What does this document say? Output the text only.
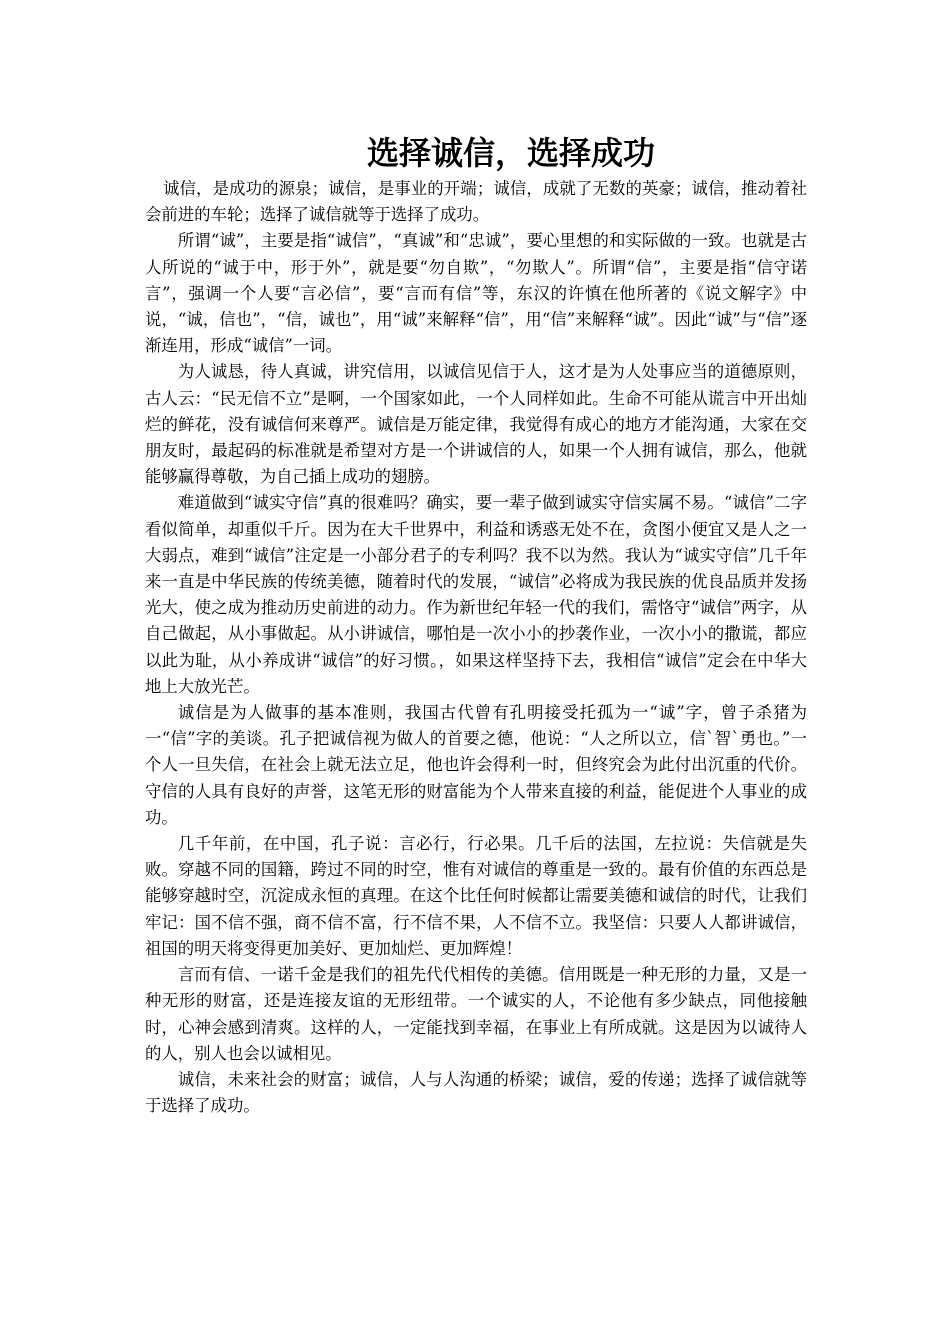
选择诚信，选择成功

诚信，是成功的源泉；诚信，是事业的开端；诚信，成就了无数的英豪；诚信，推动着社会前进的车轮；选择了诚信就等于选择了成功。

所谓“诚”，主要是指“诚信”，“真诚”和“忠诚”，要心里想的和实际做的一致。也就是古人所说的“诚于中，形于外”，就是要“勿自欺”，“勿欺人”。所谓“信”，主要是指“信守诺言”，强调一个人要“言必信”，要“言而有信”等，东汉的许慎在他所著的《说文解字》中说，“诚，信也”，“信，诚也”，用“诚”来解释“信”，用“信”来解释“诚”。因此“诚”与“信”逐渐连用，形成“诚信”一词。

为人诚恳，待人真诚，讲究信用，以诚信见信于人，这才是为人处事应当的道德原则，古人云：“民无信不立”是啊，一个国家如此，一个人同样如此。生命不可能从谎言中开出灿烂的鲜花，没有诚信何来尊严。诚信是万能定律，我觉得有成心的地方才能沟通，大家在交朋友时，最起码的标准就是希望对方是一个讲诚信的人，如果一个人拥有诚信，那么，他就能够赢得尊敬，为自己插上成功的翅膀。

难道做到“诚实守信”真的很难吗？确实，要一辈子做到诚实守信实属不易。“诚信”二字看似简单，却重似千斤。因为在大千世界中，利益和诱惑无处不在，贪图小便宜又是人之一大弱点，难到“诚信”注定是一小部分君子的专利吗？我不以为然。我认为“诚实守信”几千年来一直是中华民族的传统美德，随着时代的发展，“诚信”必将成为我民族的优良品质并发扬光大，使之成为推动历史前进的动力。作为新世纪年轻一代的我们，需恪守“诚信”两字，从自己做起，从小事做起。从小讲诚信，哪怕是一次小小的抄袭作业，一次小小的撒谎，都应以此为耻，从小养成讲“诚信”的好习惯。，如果这样坚持下去，我相信“诚信”定会在中华大地上大放光芒。

诚信是为人做事的基本准则，我国古代曾有孔明接受托孤为一“诚”字，曾子杀猪为一“信”字的美谈。孔子把诚信视为做人的首要之德，他说：“人之所以立，信`智`勇也。”一个人一旦失信，在社会上就无法立足，他也许会得利一时，但终究会为此付出沉重的代价。守信的人具有良好的声誉，这笔无形的财富能为个人带来直接的利益，能促进个人事业的成功。

几千年前，在中国，孔子说：言必行，行必果。几千后的法国，左拉说：失信就是失败。穿越不同的国籍，跨过不同的时空，惟有对诚信的尊重是一致的。最有价值的东西总是能够穿越时空，沉淀成永恒的真理。在这个比任何时候都让需要美德和诚信的时代，让我们牢记：国不信不强，商不信不富，行不信不果，人不信不立。我坚信：只要人人都讲诚信，祖国的明天将变得更加美好、更加灿烂、更加辉煌！

言而有信、一诺千金是我们的祖先代代相传的美德。信用既是一种无形的力量，又是一种无形的财富，还是连接友谊的无形纽带。一个诚实的人，不论他有多少缺点，同他接触时，心神会感到清爽。这样的人，一定能找到幸福，在事业上有所成就。这是因为以诚待人的人，别人也会以诚相见。

诚信，未来社会的财富；诚信，人与人沟通的桥梁；诚信，爱的传递；选择了诚信就等于选择了成功。
